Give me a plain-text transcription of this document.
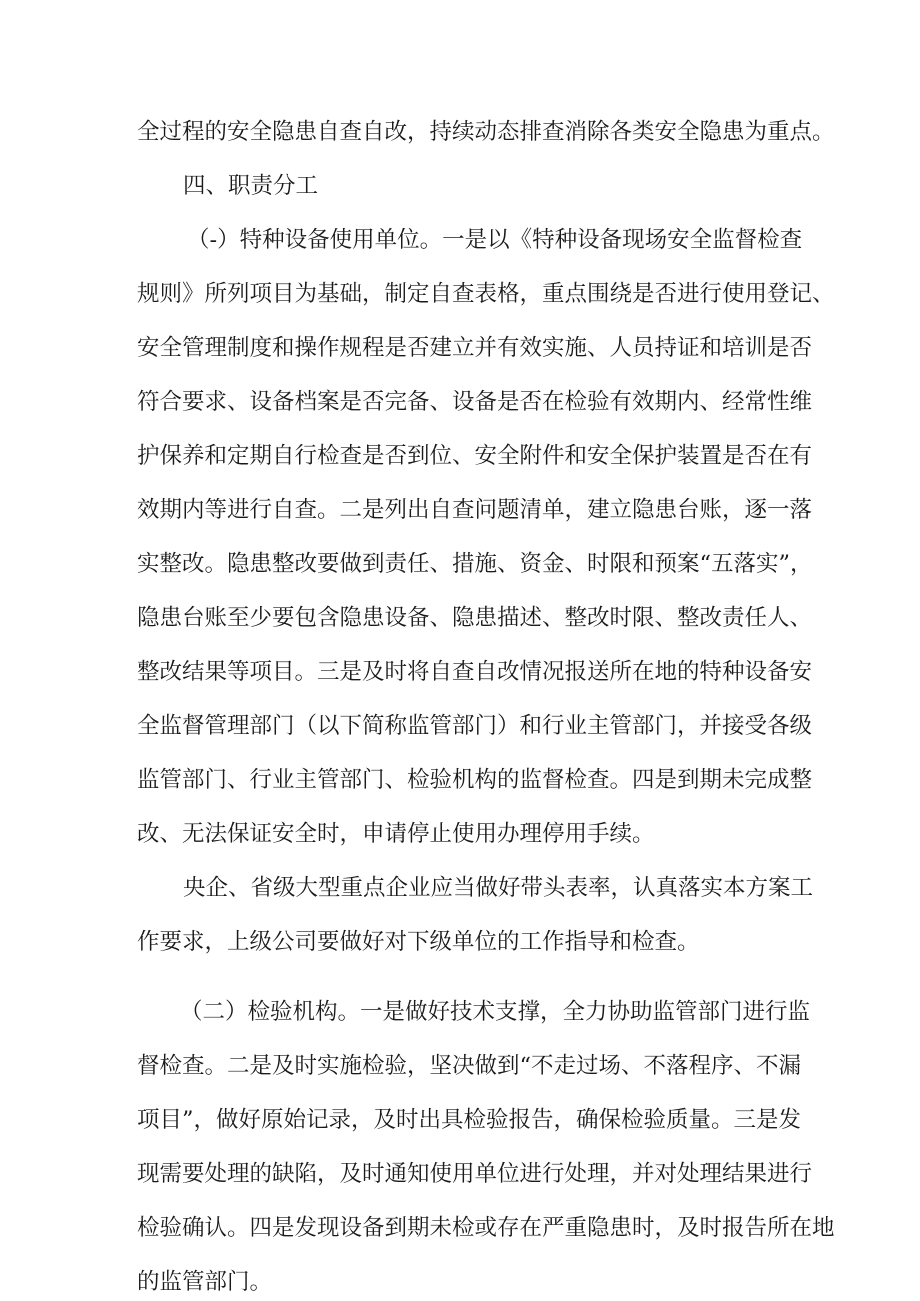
全过程的安全隐患自查自改，持续动态排查消除各类安全隐患为重点。
四、职责分工
（-）特种设备使用单位。一是以《特种设备现场安全监督检查
规则》所列项目为基础，制定自查表格，重点围绕是否进行使用登记、
安全管理制度和操作规程是否建立并有效实施、人员持证和培训是否
符合要求、设备档案是否完备、设备是否在检验有效期内、经常性维
护保养和定期自行检查是否到位、安全附件和安全保护装置是否在有
效期内等进行自查。二是列出自查问题清单，建立隐患台账，逐一落
实整改。隐患整改要做到责任、措施、资金、时限和预案“五落实”，
隐患台账至少要包含隐患设备、隐患描述、整改时限、整改责任人、
整改结果等项目。三是及时将自查自改情况报送所在地的特种设备安
全监督管理部门（以下简称监管部门）和行业主管部门，并接受各级
监管部门、行业主管部门、检验机构的监督检查。四是到期未完成整
改、无法保证安全时，申请停止使用办理停用手续。
央企、省级大型重点企业应当做好带头表率，认真落实本方案工
作要求，上级公司要做好对下级单位的工作指导和检查。
（二）检验机构。一是做好技术支撑，全力协助监管部门进行监
督检查。二是及时实施检验，坚决做到“不走过场、不落程序、不漏
项目”，做好原始记录，及时出具检验报告，确保检验质量。三是发
现需要处理的缺陷，及时通知使用单位进行处理，并对处理结果进行
检验确认。四是发现设备到期未检或存在严重隐患时，及时报告所在地
的监管部门。
